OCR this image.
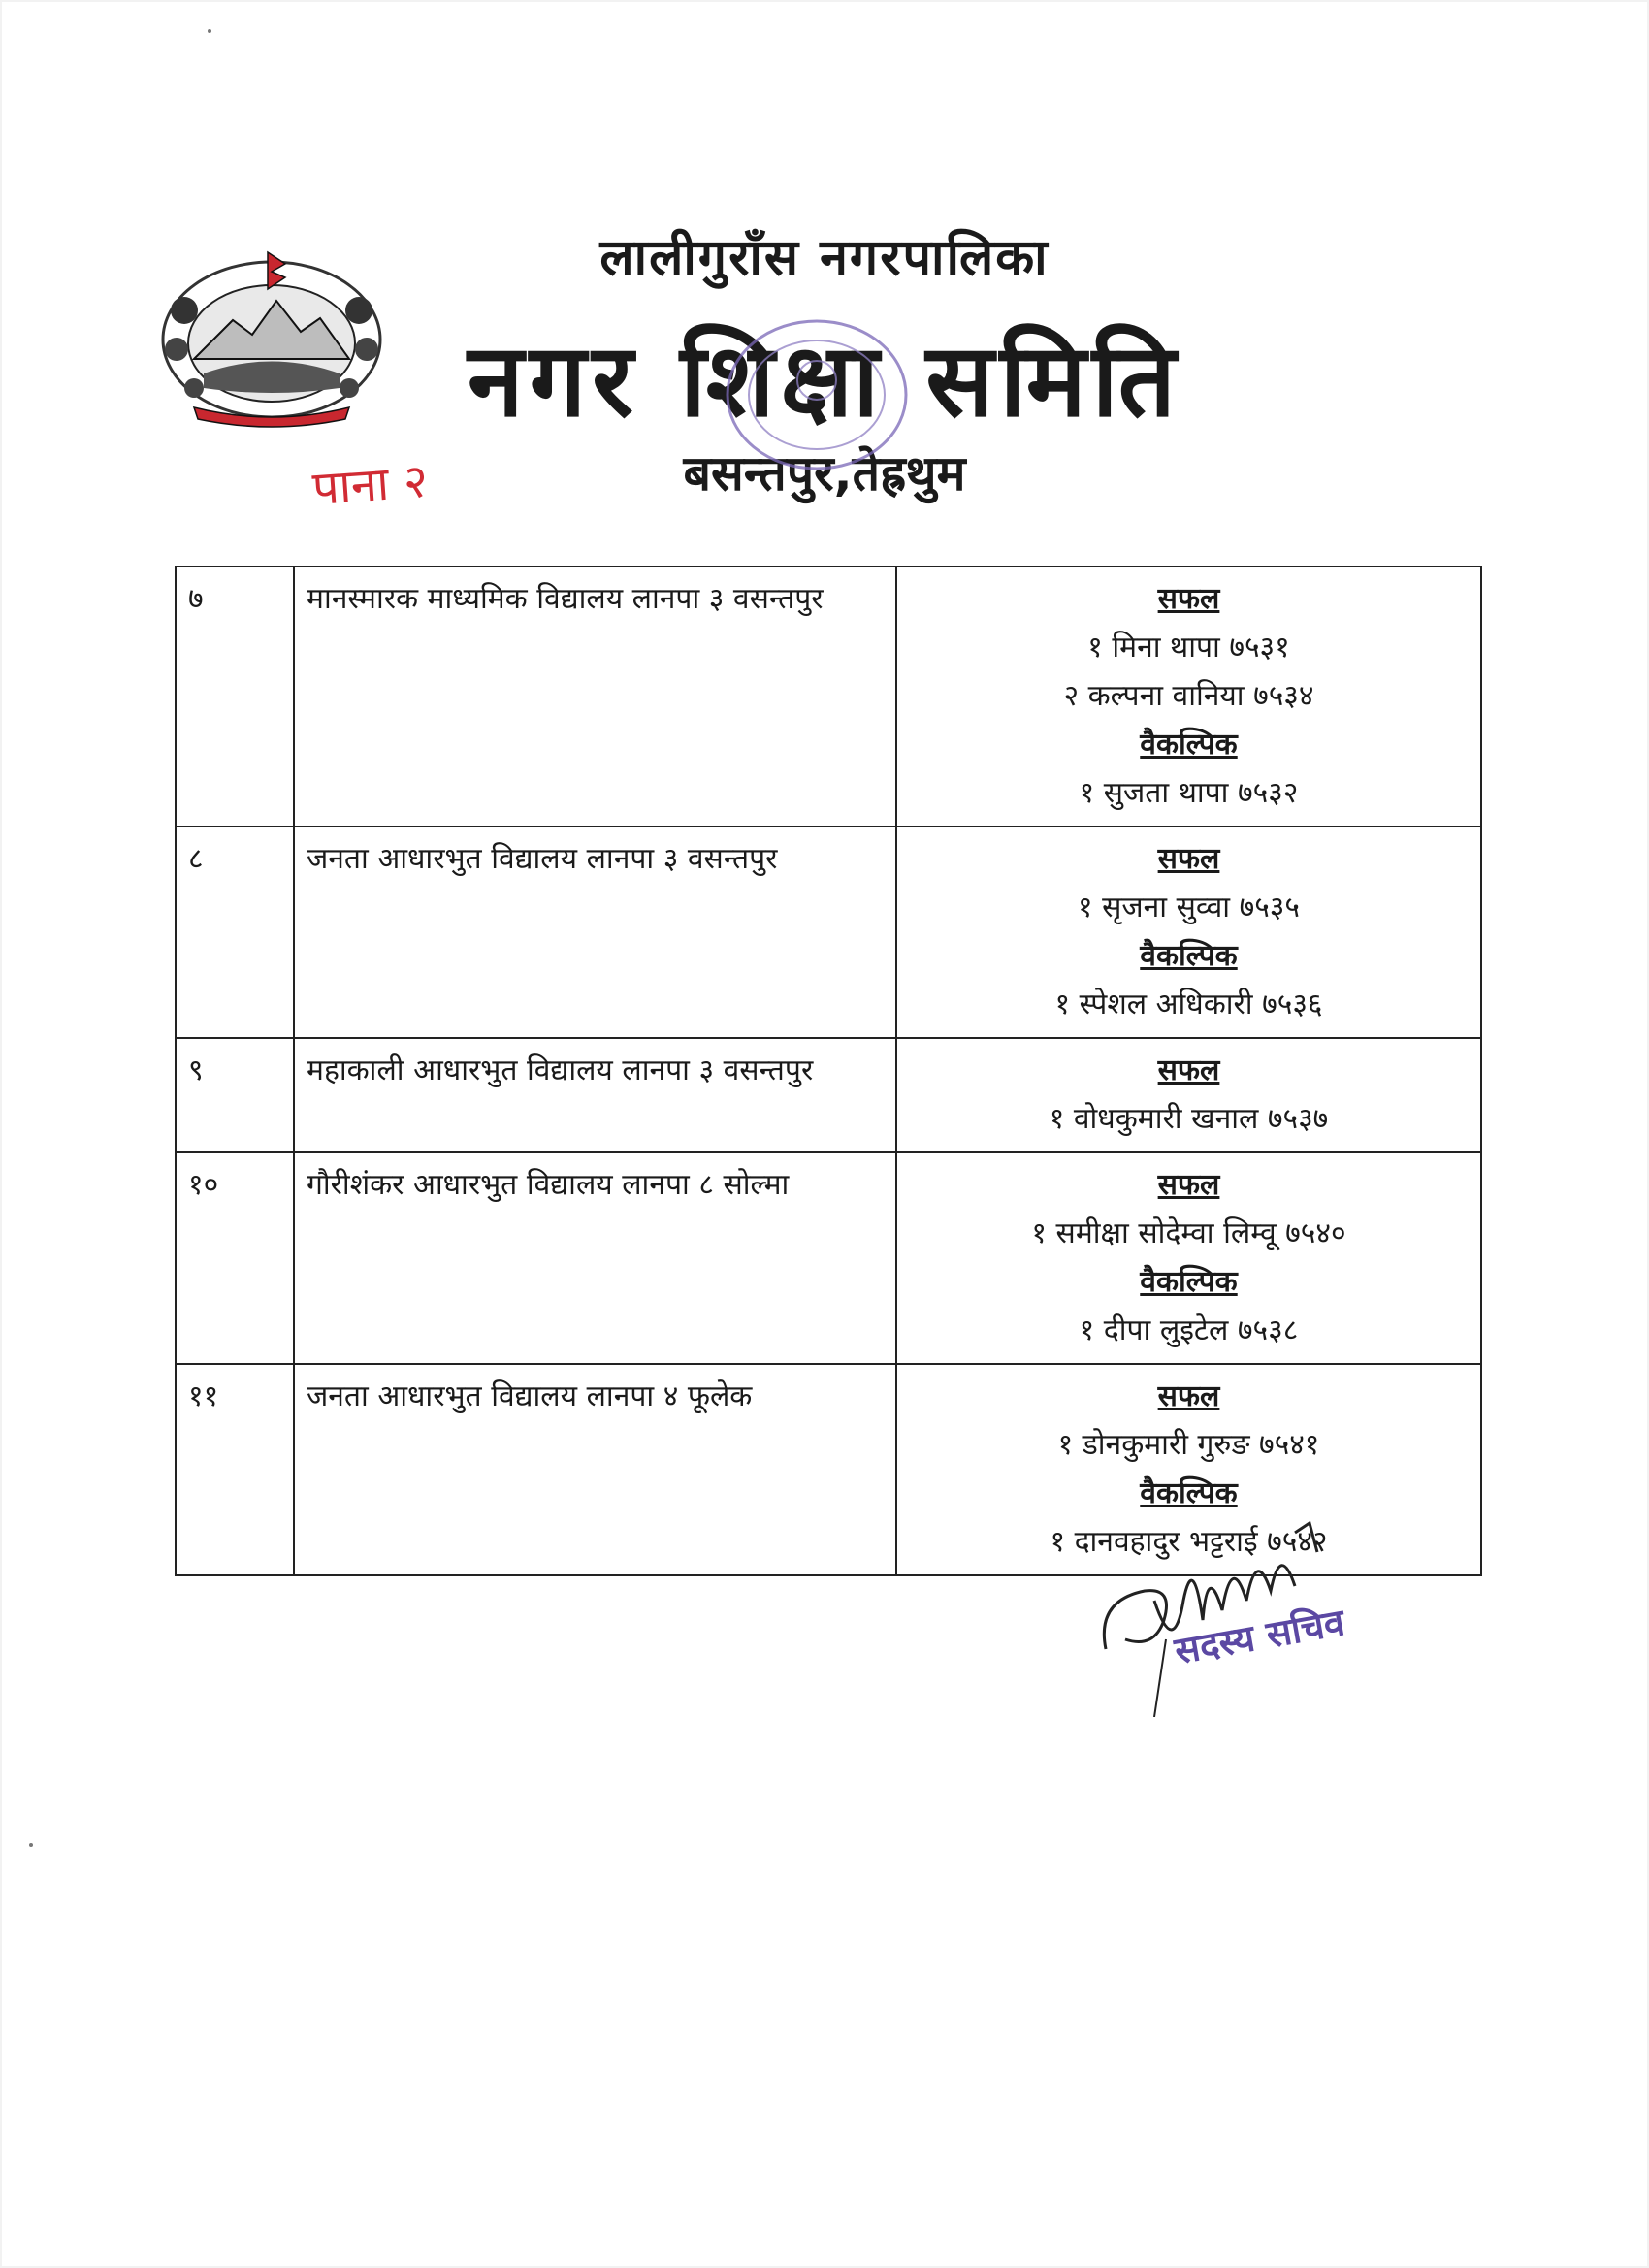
लालीगुराँस नगरपालिका
नगर शिक्षा समिति
बसन्तपुर,तेह्रथुम
पाना २
७	मानस्मारक माध्यमिक विद्यालय लानपा ३ वसन्तपुर	सफल
१ मिना थापा ७५३१
२ कल्पना वानिया ७५३४
वैकल्पिक
१ सुजता थापा ७५३२

८	जनता आधारभुत विद्यालय लानपा ३ वसन्तपुर	सफल
१ सृजना सुव्वा ७५३५
वैकल्पिक
१ स्पेशल अधिकारी ७५३६

९	महाकाली आधारभुत विद्यालय लानपा ३ वसन्तपुर	सफल
१ वोधकुमारी खनाल ७५३७

१०	गौरीशंकर आधारभुत विद्यालय लानपा ८ सोल्मा	सफल
१ समीक्षा सोदेम्वा लिम्वू ७५४०
वैकल्पिक
१ दीपा लुइटेल ७५३८

११	जनता आधारभुत विद्यालय लानपा ४ फूलेक	सफल
१ डोनकुमारी गुरुङ ७५४१
वैकल्पिक
१ दानवहादुर भट्टराई ७५४२
सदस्य सचिव
